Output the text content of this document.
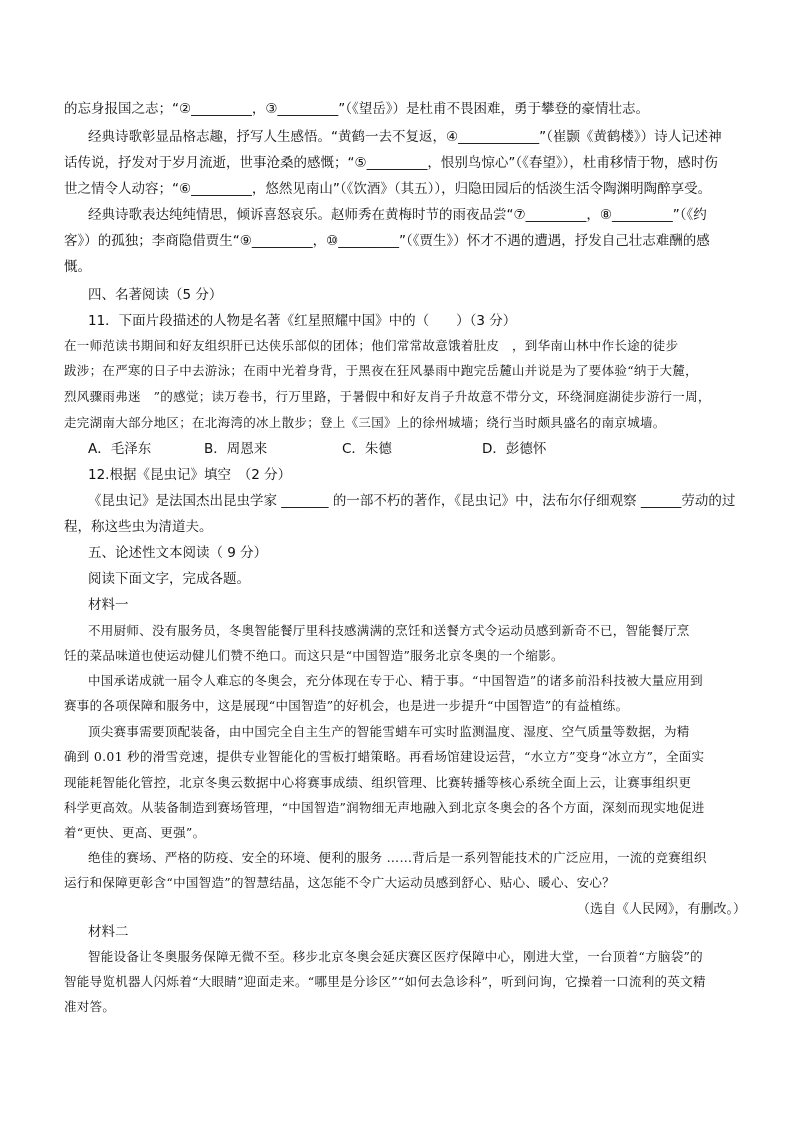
的忘身报国之志；“②_________，③_________”（《望岳》）是杜甫不畏困难，勇于攀登的豪情壮志。
经典诗歌彰显品格志趣，抒写人生感悟。“黄鹤一去不复返，④____________”（崔颢《黄鹤楼》）诗人记述神
话传说，抒发对于岁月流逝，世事沧桑的感慨；“⑤_________，恨别鸟惊心”（《春望》），杜甫移情于物，感时伤
世之情令人动容；“⑥_________，悠然见南山”（《饮酒》（其五）），归隐田园后的恬淡生活令陶渊明陶醉享受。
经典诗歌表达纯纯情思，倾诉喜怒哀乐。赵师秀在黄梅时节的雨夜品尝“⑦_________，⑧_________”（《约
客》）的孤独；李商隐借贾生“⑨_________，⑩_________”（《贾生》）怀才不遇的遭遇，抒发自己壮志难酬的感
慨。
四、名著阅读（5 分）
11．下面片段描述的人物是名著《红星照耀中国》中的（　　）（3 分）
在一师范读书期间和好友组织肝已达侠乐部似的团体；他们常常故意饿着肚皮　，到华南山林中作长途的徒步
跋涉；在严寒的日子中去游泳；在雨中光着身背，于黑夜在狂风暴雨中跑完岳麓山并说是为了要体验“纳于大麓，
烈风骤雨弗迷　”的感觉；读万卷书，行万里路，于暑假中和好友肖子升故意不带分文，环绕洞庭湖徒步游行一周，
走完湖南大部分地区；在北海湾的冰上散步；登上《三国》上的徐州城墙；绕行当时颇具盛名的南京城墙。
A．毛泽东	B．周恩来	C．朱德	D．彭德怀
12.根据《昆虫记》填空　（2 分）
《昆虫记》是法国杰出昆虫学家 _______ 的一部不朽的著作，《昆虫记》中，法布尔仔细观察 ______劳动的过
程，称这些虫为清道夫。
五、论述性文本阅读（ 9 分）
阅读下面文字，完成各题。
材料一
不用厨师、没有服务员，冬奥智能餐厅里科技感满满的烹饪和送餐方式令运动员感到新奇不已，智能餐厅烹
饪的菜品味道也使运动健儿们赞不绝口。而这只是“中国智造”服务北京冬奥的一个缩影。
中国承诺成就一届令人难忘的冬奥会，充分体现在专于心、精于事。“中国智造”的诸多前沿科技被大量应用到
赛事的各项保障和服务中，这是展现“中国智造”的好机会，也是进一步提升“中国智造”的有益植练。
顶尖赛事需要顶配装备，由中国完全自主生产的智能雪蜡车可实时监测温度、湿度、空气质量等数据，为精
确到 0.01 秒的滑雪竞速，提供专业智能化的雪板打蜡策略。再看场馆建设运营，“水立方”变身“冰立方”，全面实
现能耗智能化管控，北京冬奥云数据中心将赛事成绩、组织管理、比赛转播等核心系统全面上云，让赛事组织更
科学更高效。从装备制造到赛场管理，“中国智造”润物细无声地融入到北京冬奥会的各个方面，深刻而现实地促进
着“更快、更高、更强”。
绝佳的赛场、严格的防疫、安全的环境、便利的服务 ……背后是一系列智能技术的广泛应用，一流的竞赛组织
运行和保障更彰含“中国智造”的智慧结晶，这怎能不令广大运动员感到舒心、贴心、暖心、安心？
（选自《人民网》，有删改。）
材料二
智能设备让冬奥服务保障无微不至。移步北京冬奥会延庆赛区医疗保障中心，刚进大堂，一台顶着“方脑袋”的
智能导览机器人闪烁着“大眼睛”迎面走来。“哪里是分诊区”“如何去急诊科”，听到问询，它操着一口流利的英文精
准对答。
